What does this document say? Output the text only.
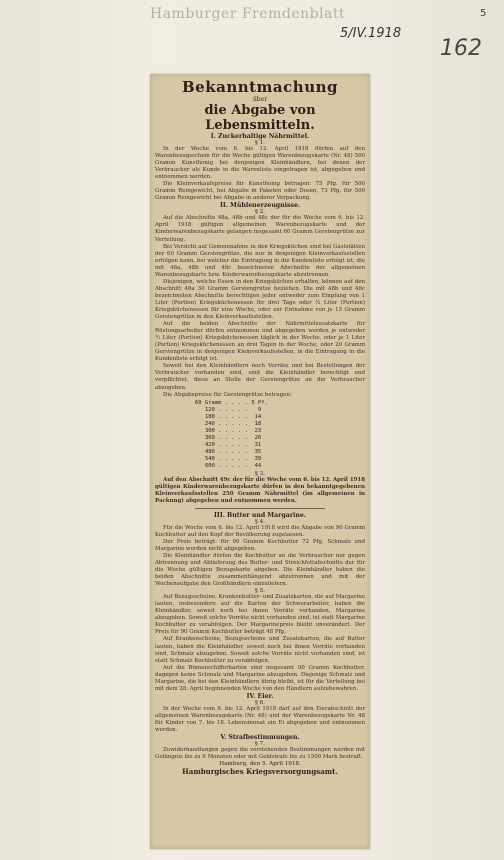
Hamburger Fremdenblatt	5
5/IV.1918
162

Bekanntmachung

über

die Abgabe von Lebensmitteln.

I. Zuckerhaltige Nährmittel.

§ 1.

In der Woche vom 6. bis 12. April 1918 dürfen auf den Warenbezugsschein für die Woche gültigen Warenbezugskarte (Nr. 48) 500 Gramm Kunsthonig bei denjenigen Kleinhändlern, bei denen der Verbraucher als Kunde in die Warenliste eingetragen ist, abgegeben und entnommen werden.

Die Kleinverkaufspreise für Kunsthonig betragen: 75 Pfg. für 500 Gramm Reingewicht, bei Abgabe in Paketen oder Dosen, 73 Pfg. für 500 Gramm Reingewicht bei Abgabe in anderer Verpackung.

II. Mühlenerzeugnisse.

§ 2.

Auf die Abschnitte 48a, 48b und 48c der für die Woche vom 6. bis 12. April 1918 gültigen allgemeinen Warenbezugskarte und der Kinderwarenbezugskarte gelangen insgesamt 60 Gramm Gerstengrütze zur Verteilung.

Bei Verzicht auf Gemeinnahme in den Kriegsküchen sind bei Gaststätten der 60 Gramm Gerstengrütze, die nur in denjenigen Kleinverkaufsstellen erfolgen kann, bei welcher die Eintragung in die Kundenliste erfolgt ist, die mit 48a, 48b und 48c bezeichneten Abschnitte der allgemeinen Warenbezugskarte bzw. Kinderwarenbezugskarte abzutrennen.

Diejenigen, welche Essen in den Kriegsküchen erhalten, können auf den Abschnitt 48a 30 Gramm Gerstengrütze beziehen. Die mit 48b und 48c bezeichneten Abschnitte berechtigen jeder entweder zum Empfang von 1 Liter (Portion) Kriegsküchenessen für drei Tage oder ¼ Liter (Portion) Kriegsküchenessen für eine Woche, oder zur Entnahme von je 15 Gramm Gerstengrütze in den Kleinverkaufsstellen.

Auf die beiden Abschnitte der Nährmittelzusatzkarte für Rüstungsarbeiter dürfen entnommen und abgegeben werden je entweder ½ Liter (Portion) Kriegsküchenessen täglich in der Woche, oder je 1 Liter (Portion) Kriegsküchenessen an drei Tagen in der Woche, oder 20 Gramm Gerstengrütze in denjenigen Kleinverkaufsstellen, in die Eintragung in die Kundenliste erfolgt ist.

Soweit bei den Kleinhändlern noch Vorräte und bei Bestellungen der Verbraucher vorhanden sind, sind die Kleinhändler berechtigt und verpflichtet, diese an Stelle der Gerstengrütze an die Verbraucher abzugeben.

Die Abgabepreise für Gerstengrütze betragen:

60 Gramm . . . . 5 Pf.
120 . . . . .   9
180 . . . . .  14
240 . . . . .  18
300 . . . . .  23
360 . . . . .  26
420 . . . . .  31
480 . . . . .  35
540 . . . . .  39
600 . . . . .  44

§ 3.

Auf den Abschnitt 49c der für die Woche vom 6. bis 12. April 1918 gültigen Kinderwarenbezugskarte dürfen in den bekanntgegebenen Kleinverkaufsstellen 250 Gramm Nährmittel (im allgemeinen in Packung) abgegeben und entnommen werden.

III. Butter und Margarine.

§ 4.

Für die Woche vom 6. bis 12. April 1918 wird die Abgabe von 90 Gramm Kochbutter auf den Kopf der Bevölkerung zugelassen.

Der Preis beträgt: für 90 Gramm Kochbutter 72 Pfg. Schmalz und Margarine werden nicht abgegeben.

Die Kleinhändler dürfen die Kochbutter an die Verbraucher nur gegen Abtrennung und Ablieferung des Butter- und Streichfettabschnitts der für die Woche gültigen Bezugskarte abgeben. Die Kleinhändler haben die beiden Abschnitte zusammenhängend abzutrennen und mit der Wochenaufgabe den Großhändlern einzuliefern.

§ 5.

Auf Bezugsscheine, Krankenbutter- und Zusatzkarten, die auf Margarine lauten, insbesondere auf die Karten der Schwerarbeiter, haben die Kleinhändler, soweit noch bei ihnen Vorräte vorhanden, Margarine abzugeben. Soweit solche Vorräte nicht vorhanden sind, ist statt Margarine Kochbutter zu verabfolgen. Der Margarinepreis bleibt unverändert. Der Preis für 90 Gramm Kochbutter beträgt 48 Pfg.

Auf Krankenscheine, Bezugsscheine und Zusatzkarten, die auf Butter lauten, haben die Kleinhändler, soweit noch bei ihnen Vorräte vorhanden sind, Schmalz abzugeben. Soweit solche Vorräte nicht vorhanden sind, ist statt Schmalz Kochbutter zu verabfolgen.

Auf die Binnenschifferkarten sind insgesamt 90 Gramm Kochbutter, dagegen keine Schmalz und Margarine abzugeben. Diejenige Schmalz und Margarine, die bei den Kleinhändlern übrig bleibt, ist für die Verteilung bei mit dem 28. April beginnenden Woche von den Händlern aufzubewahren.

IV. Eier.

§ 6.

In der Woche vom 6. bis 12. April 1918 darf auf den Eierabschnitt der allgemeinen Warenbezugskarte (Nr. 48) und der Warenbezugskarte Nr. 48 für Kinder von 7. bis 18. Lebensmonat ein Ei abgegeben und entnommen werden.

V. Strafbestimmungen.

§ 7.

Zuwiderhandlungen gegen die vorstehenden Bestimmungen werden mit Gefängnis bis zu 6 Monaten oder mit Geldstrafe bis zu 1500 Mark bestraft.

Hamburg, den 5. April 1918.

Hamburgisches Kriegsversorgungsamt.
